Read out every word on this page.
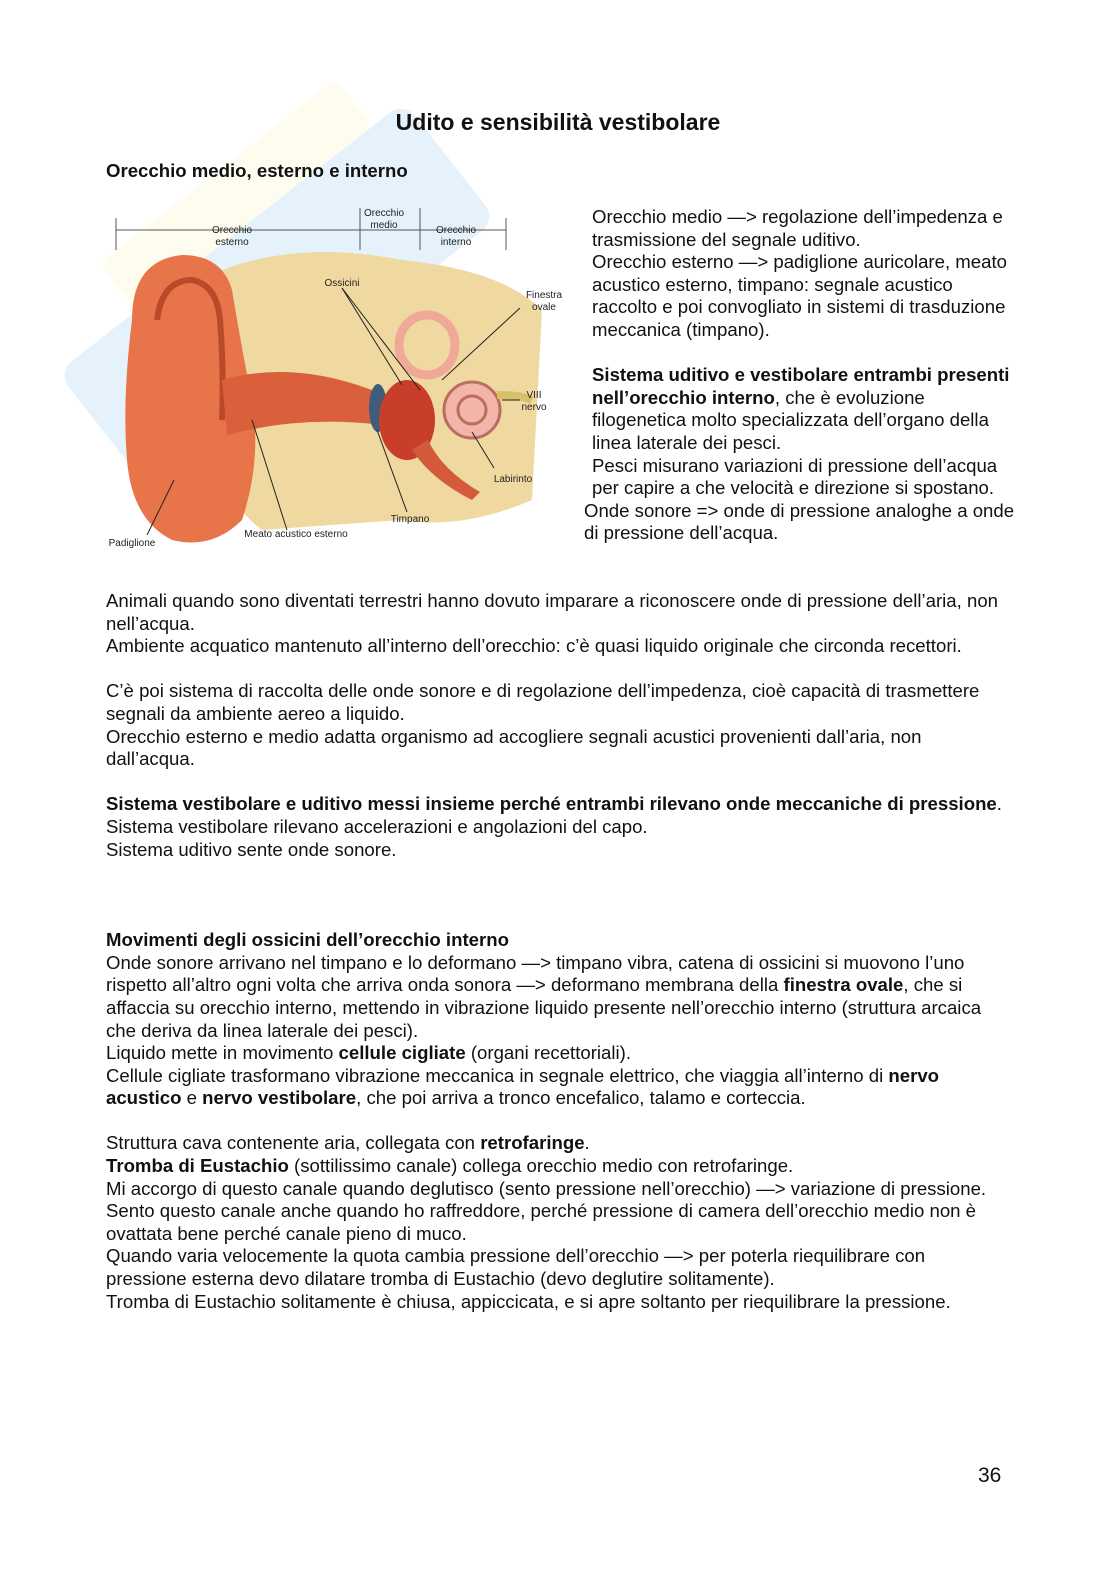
Udito e sensibilità vestibolare

Orecchio medio, esterno e interno

Orecchio
esterno
Orecchio
medio	Orecchio
interno
Ossicini
Finestra
ovale
VIII
nervo
Labirinto
Timpano
Meato acustico esterno
Padiglione

Orecchio medio —> regolazione dell’impedenza e trasmissione del segnale uditivo.

Orecchio esterno —> padiglione auricolare, meato acustico esterno, timpano: segnale acustico raccolto e poi convogliato in sistemi di trasduzione meccanica (timpano).

Sistema uditivo e vestibolare entrambi presenti nell’orecchio interno, che è evoluzione filogenetica molto specializzata dell’organo della linea laterale dei pesci.

Pesci misurano variazioni di pressione dell’acqua per capire a che velocità e direzione si spostano.

Onde sonore => onde di pressione analoghe a onde di pressione dell’acqua.

Animali quando sono diventati terrestri hanno dovuto imparare a riconoscere onde di pressione dell’aria, non nell’acqua.

Ambiente acquatico mantenuto all’interno dell’orecchio: c’è quasi liquido originale che circonda recettori.

C’è poi sistema di raccolta delle onde sonore e di regolazione dell’impedenza, cioè capacità di trasmettere segnali da ambiente aereo a liquido.

Orecchio esterno e medio adatta organismo ad accogliere segnali acustici provenienti dall’aria, non dall’acqua.

Sistema vestibolare e uditivo messi insieme perché entrambi rilevano onde meccaniche di pressione.

Sistema vestibolare rilevano accelerazioni e angolazioni del capo.

Sistema uditivo sente onde sonore.

Movimenti degli ossicini dell’orecchio interno

Onde sonore arrivano nel timpano e lo deformano —> timpano vibra, catena di ossicini si muovono l’uno rispetto all’altro ogni volta che arriva onda sonora —> deformano membrana della finestra ovale, che si affaccia su orecchio interno, mettendo in vibrazione liquido presente nell’orecchio interno (struttura arcaica che deriva da linea laterale dei pesci).

Liquido mette in movimento cellule cigliate (organi recettoriali).

Cellule cigliate trasformano vibrazione meccanica in segnale elettrico, che viaggia all’interno di nervo acustico e nervo vestibolare, che poi arriva a tronco encefalico, talamo e corteccia.

Struttura cava contenente aria, collegata con retrofaringe.

Tromba di Eustachio (sottilissimo canale) collega orecchio medio con retrofaringe.

Mi accorgo di questo canale quando deglutisco (sento pressione nell’orecchio) —> variazione di pressione.

Sento questo canale anche quando ho raffreddore, perché pressione di camera dell’orecchio medio non è ovattata bene perché canale pieno di muco.

Quando varia velocemente la quota cambia pressione dell’orecchio —> per poterla riequilibrare con pressione esterna devo dilatare tromba di Eustachio (devo deglutire solitamente).

Tromba di Eustachio solitamente è chiusa, appiccicata, e si apre soltanto per riequilibrare la pressione.

36
